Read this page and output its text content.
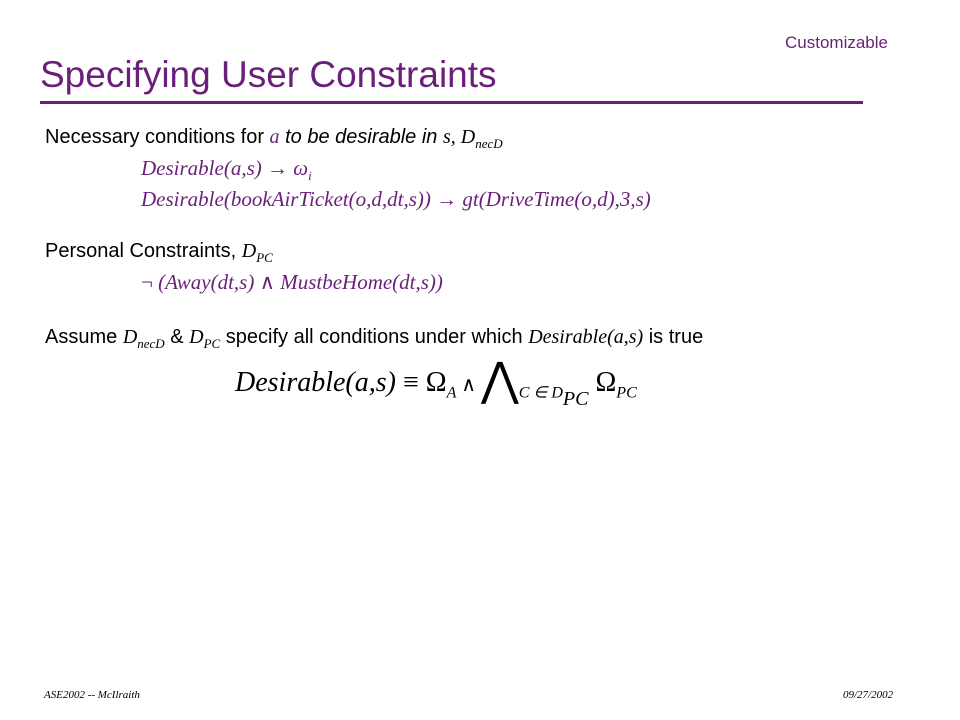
Customizable
Specifying User Constraints
Necessary conditions for a to be desirable in s, $D_{necD}$
Desirable(a,s) → $\omega_i$
Desirable(bookAirTicket(o,d,dt,s)) → gt(DriveTime(o,d),3,s)
Personal Constraints, $D_{PC}$
¬ (Away(dt,s) ∧ MustbeHome(dt,s))
Assume $D_{necD}$ & $D_{PC}$ specify all conditions under which Desirable(a,s) is true
Desirable(a,s) ≡ $\Omega_A$ ∧ $⋀_{C \in DPC}$ $\Omega_{PC}$
ASE2002 -- McIlraith	09/27/2002
